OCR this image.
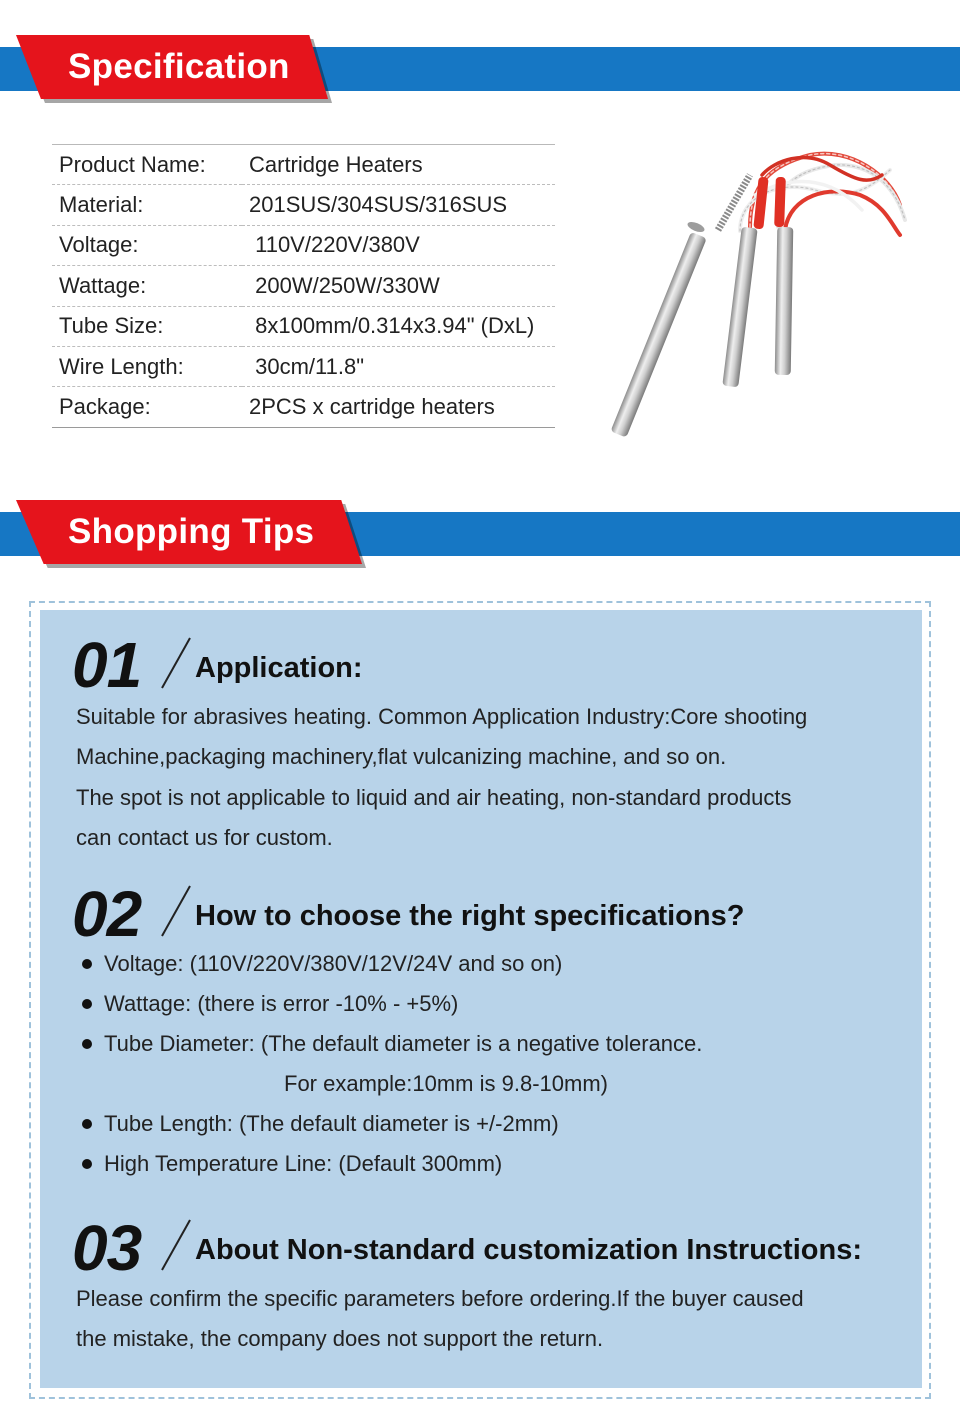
Specification
Product Name:	Cartridge Heaters
Material:	201SUS/304SUS/316SUS
Voltage:	110V/220V/380V
Wattage:	200W/250W/330W
Tube Size:	8x100mm/0.314x3.94" (DxL)
Wire Length:	30cm/11.8"
Package:	2PCS x cartridge heaters
Shopping Tips
01 Application:
Suitable for abrasives heating. Common Application Industry:Core shooting
Machine,packaging machinery,flat vulcanizing machine, and so on.
The spot is not applicable to liquid and air heating, non-standard products
can contact us for custom.
02 How to choose the right specifications?
Voltage: (110V/220V/380V/12V/24V and so on)
Wattage: (there is error -10% - +5%)
Tube Diameter: (The default diameter is a negative tolerance.
For example:10mm is 9.8-10mm)
Tube Length: (The default diameter is +/-2mm)
High Temperature Line: (Default 300mm)
03 About Non-standard customization Instructions:
Please confirm the specific parameters before ordering.If the buyer caused
the mistake, the company does not support the return.
